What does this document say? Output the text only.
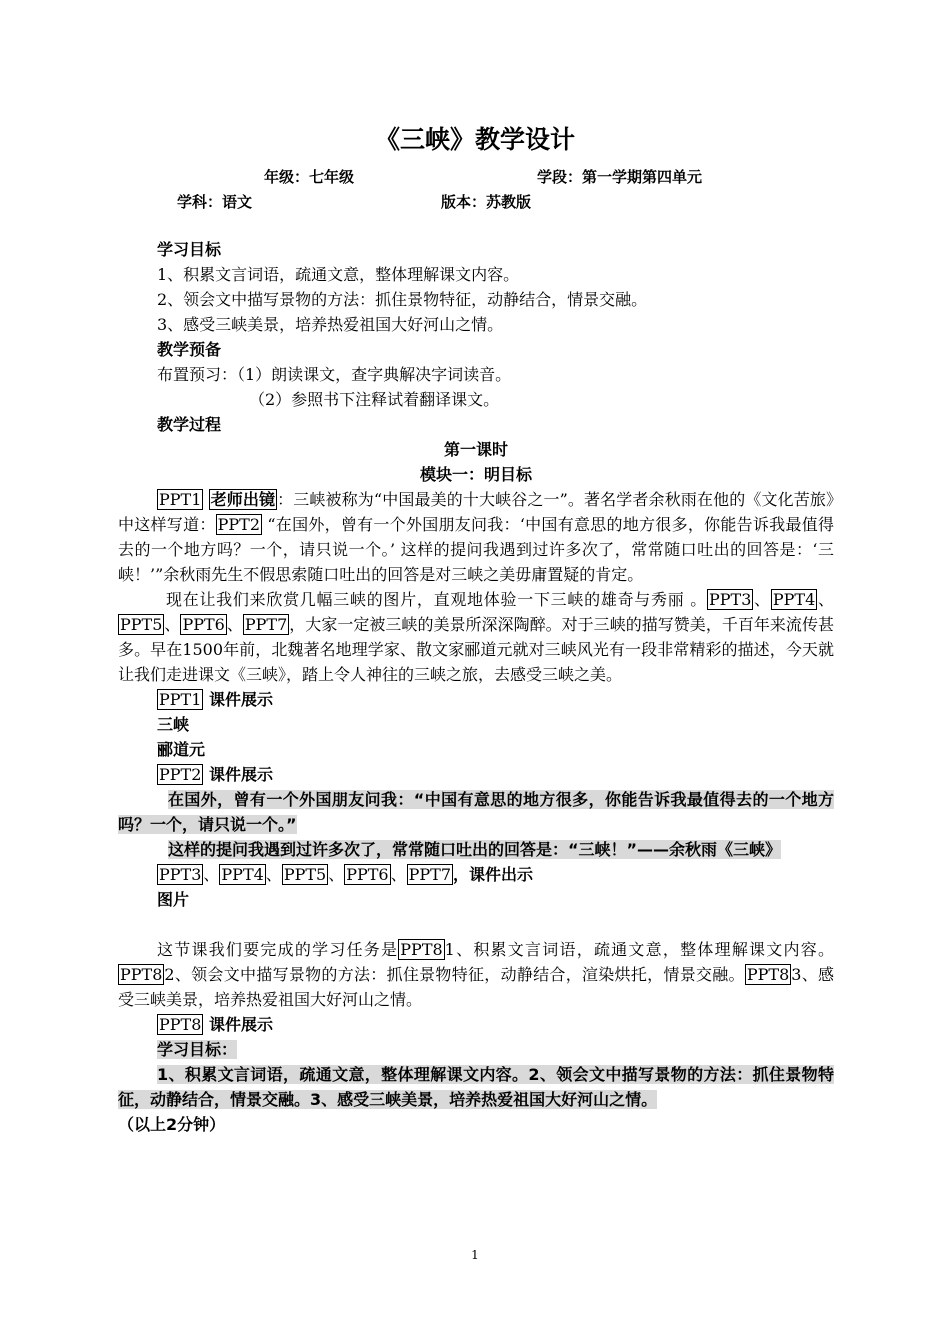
《三峡》教学设计
年级：七年级	学段：第一学期第四单元
学科：语文	版本：苏教版

学习目标

1、积累文言词语，疏通文意，整体理解课文内容。

2、领会文中描写景物的方法：抓住景物特征，动静结合，情景交融。

3、感受三峡美景，培养热爱祖国大好河山之情。

教学预备

布置预习：（1）朗读课文，查字典解决字词读音。

（2）参照书下注释试着翻译课文。

教学过程

第一课时

模块一：明目标

PPT1 老师出镜 ：三峡被称为“中国最美的十大峡谷之一”。著名学者余秋雨在他的《文化苦旅》中这样写道： PPT2 “在国外，曾有一个外国朋友问我：‘中国有意思的地方很多，你能告诉我最值得去的一个地方吗？一个，请只说一个。’ 这样的提问我遇到过许多次了，常常随口吐出的回答是：‘三峡！’”余秋雨先生不假思索随口吐出的回答是对三峡之美毋庸置疑的肯定。

现在让我们来欣赏几幅三峡的图片，直观地体验一下三峡的雄奇与秀丽 。 PPT3 、 PPT4 、PPT5 、 PPT6 、 PPT7 ，大家一定被三峡的美景所深深陶醉。对于三峡的描写赞美，千百年来流传甚多。早在1500年前，北魏著名地理学家、散文家郦道元就对三峡风光有一段非常精彩的描述，今天就让我们走进课文《三峡》，踏上令人神往的三峡之旅，去感受三峡之美。

PPT1 课件展示

三峡

郦道元

PPT2 课件展示

在国外，曾有一个外国朋友问我：“中国有意思的地方很多，你能告诉我最值得去的一个地方吗？一个，请只说一个。”

这样的提问我遇到过许多次了，常常随口吐出的回答是：“三峡！”——余秋雨《三峡》

PPT3 、 PPT4 、 PPT5 、 PPT6 、 PPT7 ，课件出示

图片

这节课我们要完成的学习任务是 PPT8 1、积累文言词语，疏通文意，整体理解课文内容。PPT8 2、领会文中描写景物的方法：抓住景物特征，动静结合，渲染烘托，情景交融。 PPT8 3、感受三峡美景，培养热爱祖国大好河山之情。

PPT8 课件展示

学习目标：

1、积累文言词语，疏通文意，整体理解课文内容。2、领会文中描写景物的方法：抓住景物特征，动静结合，情景交融。3、感受三峡美景，培养热爱祖国大好河山之情。

（以上2分钟）

1
